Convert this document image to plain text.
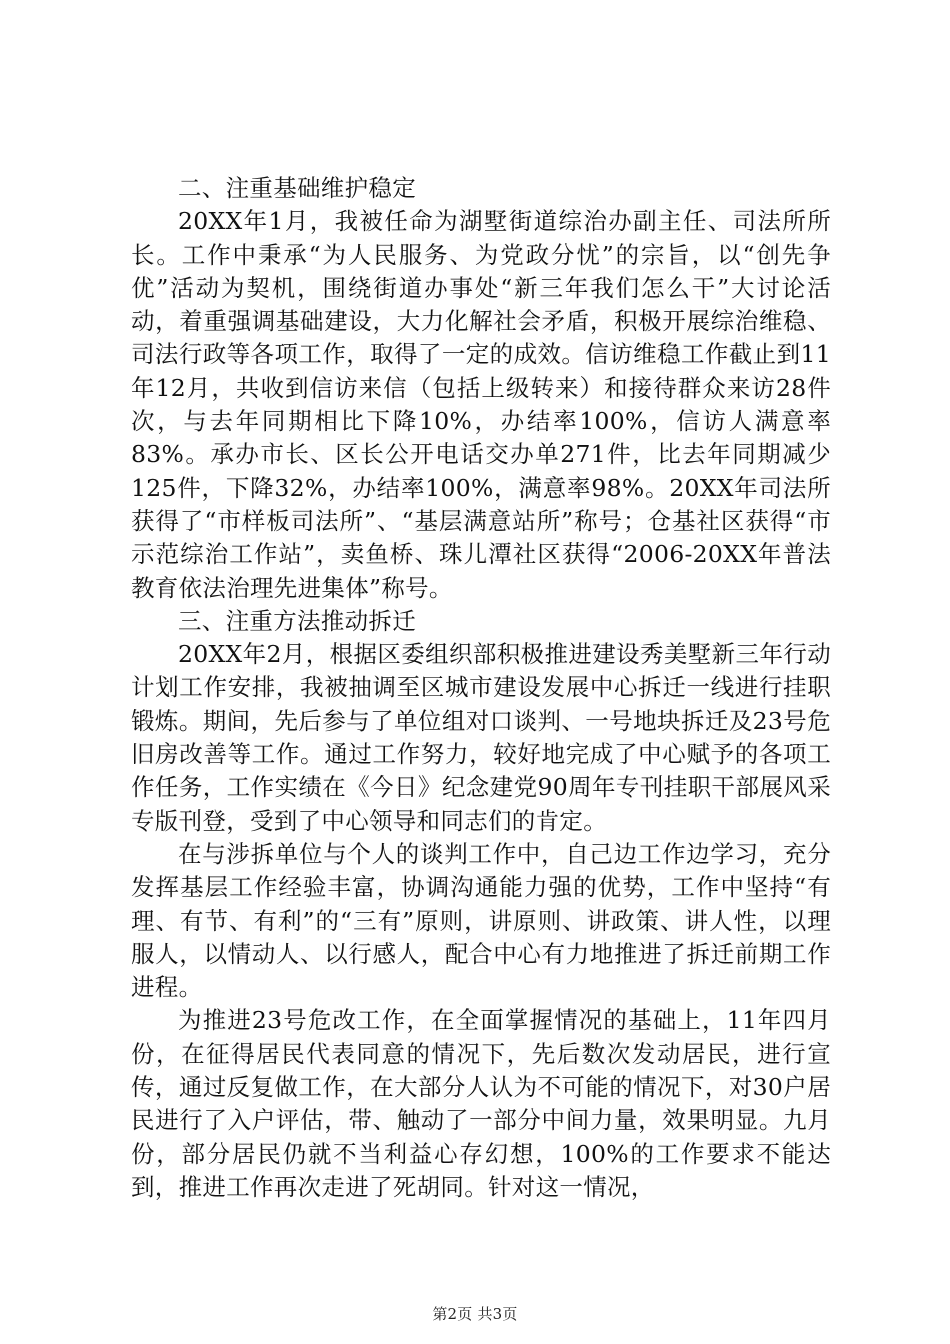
二、注重基础维护稳定

20XX年1月，我被任命为湖墅街道综治办副主任、司法所所长。工作中秉承“为人民服务、为党政分忧”的宗旨，以“创先争优”活动为契机，围绕街道办事处“新三年我们怎么干”大讨论活动，着重强调基础建设，大力化解社会矛盾，积极开展综治维稳、司法行政等各项工作，取得了一定的成效。信访维稳工作截止到11年12月，共收到信访来信（包括上级转来）和接待群众来访28件次，与去年同期相比下降10%，办结率100%，信访人满意率83%。承办市长、区长公开电话交办单271件，比去年同期减少125件，下降32%，办结率100%，满意率98%。20XX年司法所获得了“市样板司法所”、“基层满意站所”称号；仓基社区获得“市示范综治工作站”，卖鱼桥、珠儿潭社区获得“2006-20XX年普法教育依法治理先进集体”称号。

三、注重方法推动拆迁

20XX年2月，根据区委组织部积极推进建设秀美墅新三年行动计划工作安排，我被抽调至区城市建设发展中心拆迁一线进行挂职锻炼。期间，先后参与了单位组对口谈判、一号地块拆迁及23号危旧房改善等工作。通过工作努力，较好地完成了中心赋予的各项工作任务，工作实绩在《今日》纪念建党90周年专刊挂职干部展风采专版刊登，受到了中心领导和同志们的肯定。

在与涉拆单位与个人的谈判工作中，自己边工作边学习，充分发挥基层工作经验丰富，协调沟通能力强的优势，工作中坚持“有理、有节、有利”的“三有”原则，讲原则、讲政策、讲人性，以理服人，以情动人、以行感人，配合中心有力地推进了拆迁前期工作进程。

为推进23号危改工作，在全面掌握情况的基础上，11年四月份，在征得居民代表同意的情况下，先后数次发动居民，进行宣传，通过反复做工作，在大部分人认为不可能的情况下，对30户居民进行了入户评估，带、触动了一部分中间力量，效果明显。九月份，部分居民仍就不当利益心存幻想，100%的工作要求不能达到，推进工作再次走进了死胡同。针对这一情况，

第2页 共3页
